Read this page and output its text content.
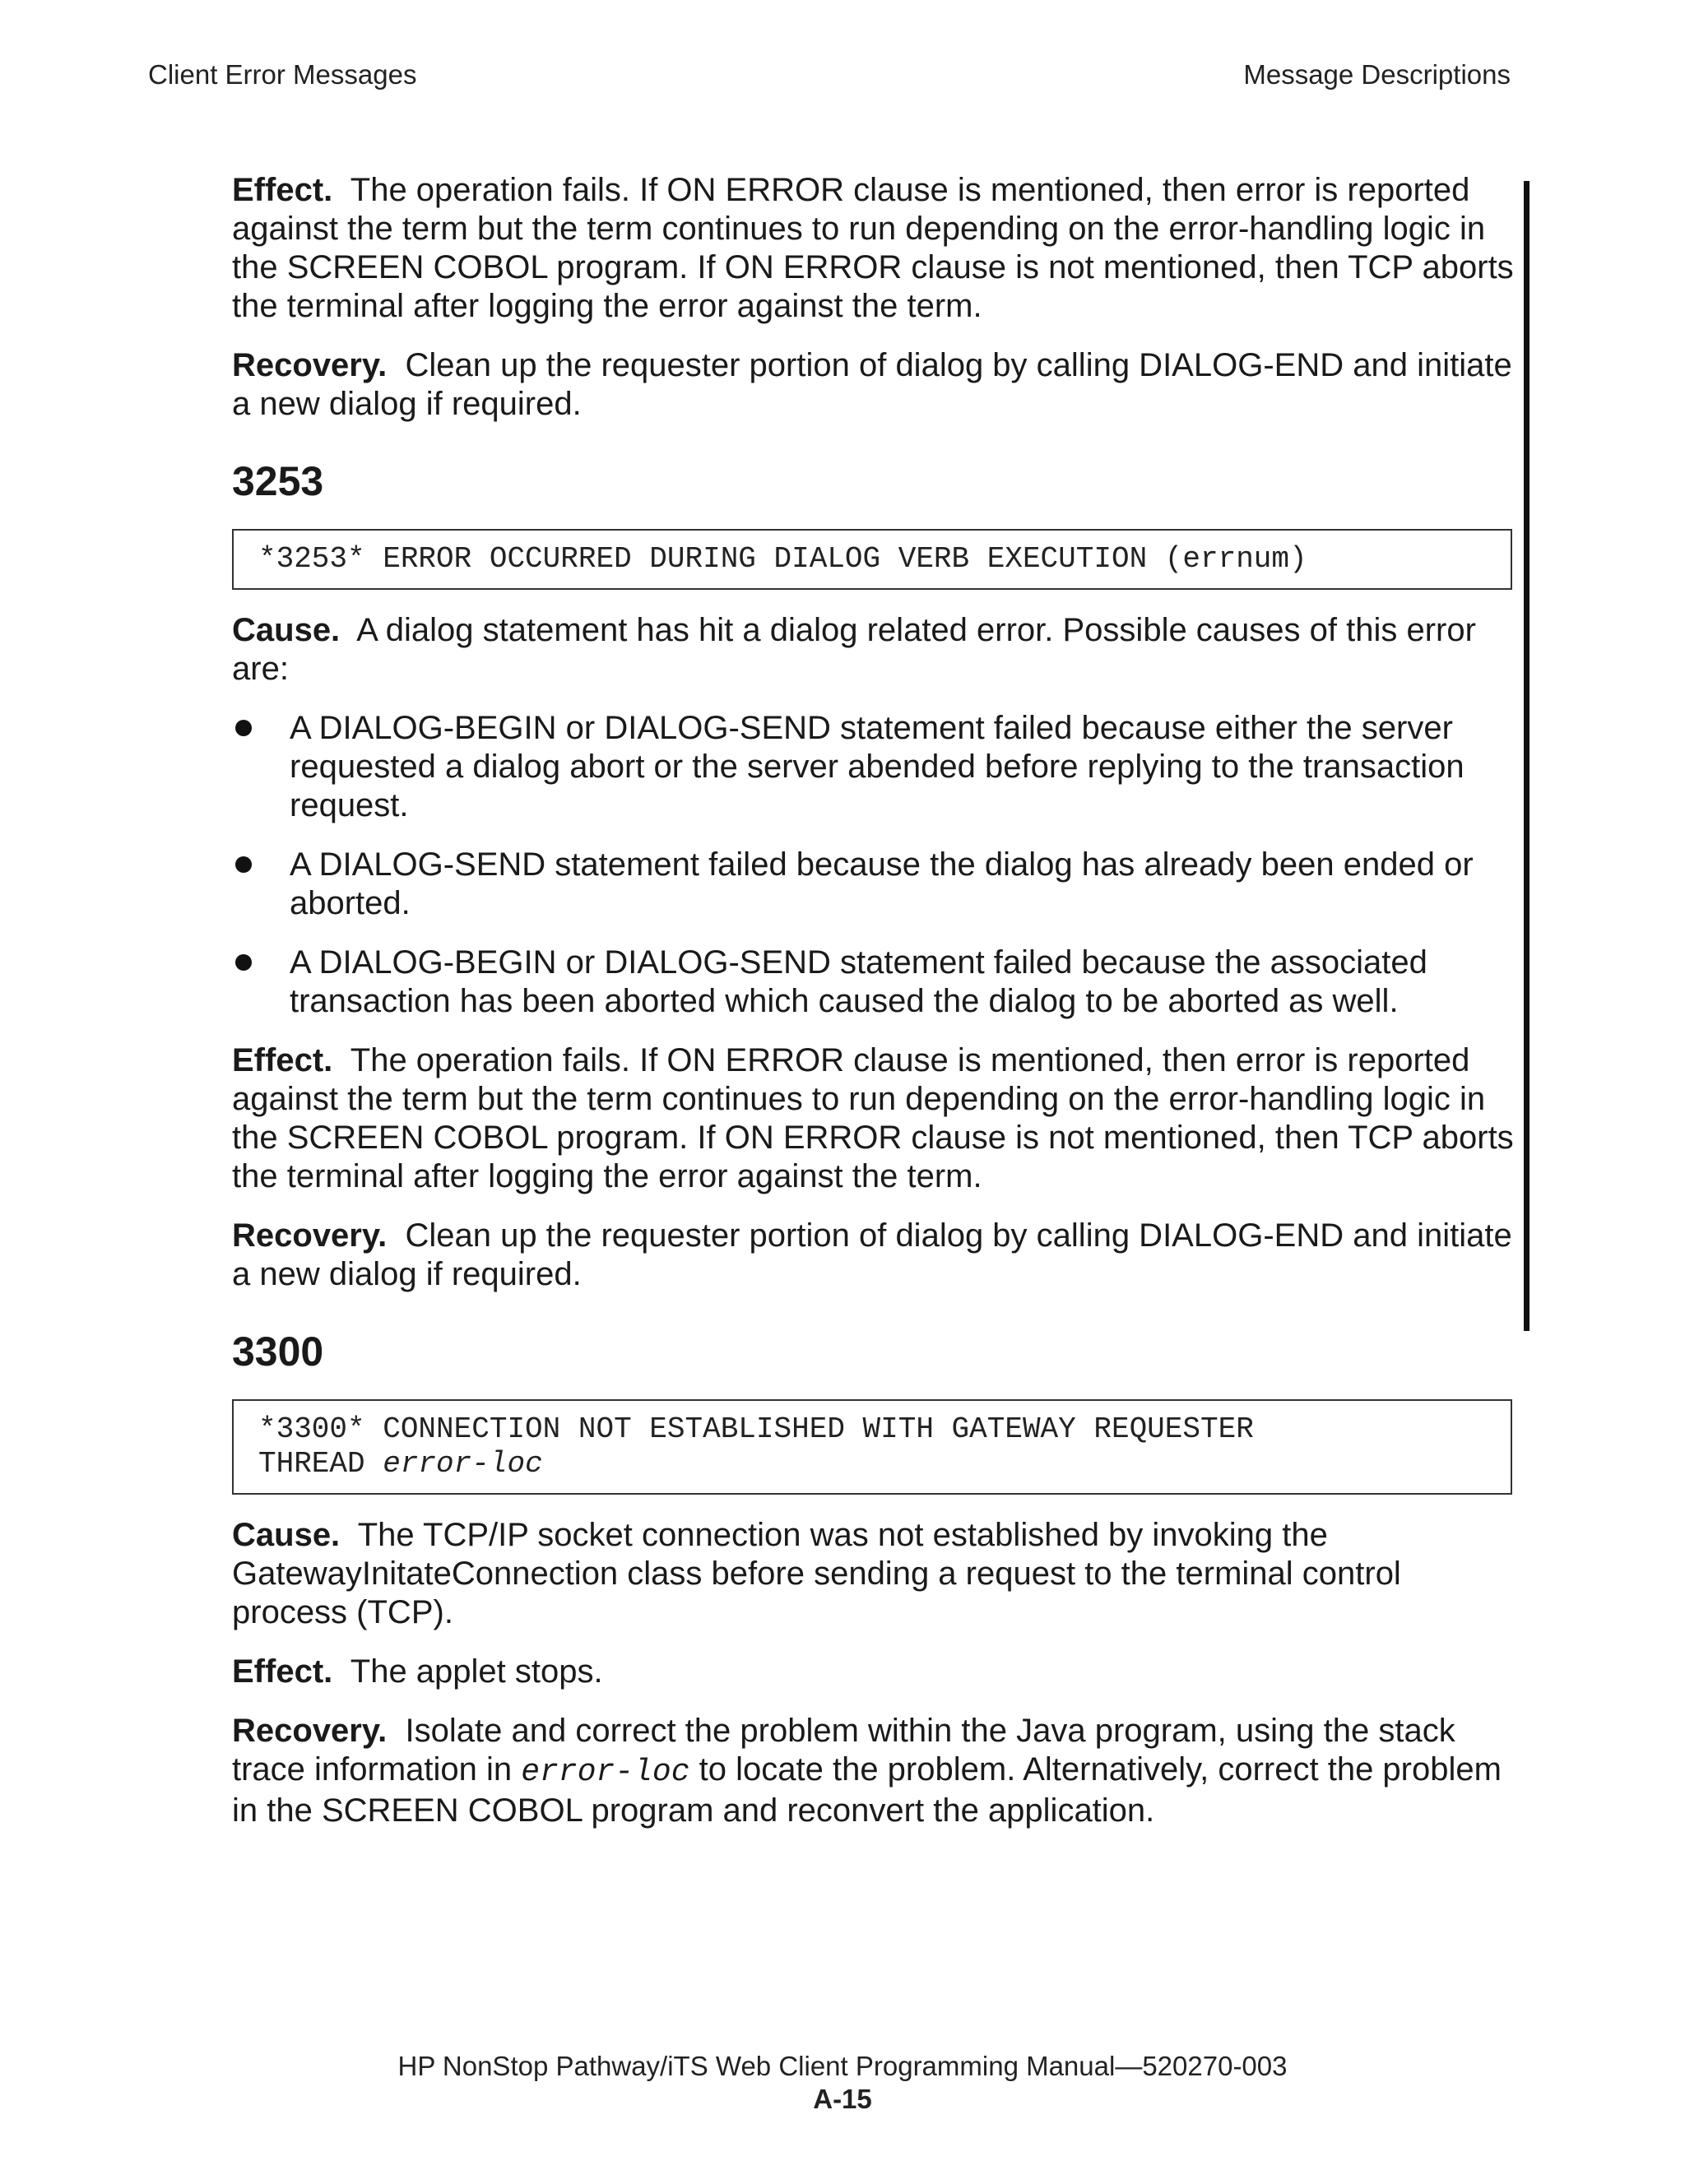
Client Error Messages	Message Descriptions

Effect. The operation fails. If ON ERROR clause is mentioned, then error is reported against the term but the term continues to run depending on the error-handling logic in the SCREEN COBOL program. If ON ERROR clause is not mentioned, then TCP aborts the terminal after logging the error against the term.

Recovery. Clean up the requester portion of dialog by calling DIALOG-END and initiate a new dialog if required.

3253
*3253* ERROR OCCURRED DURING DIALOG VERB EXECUTION (errnum)

Cause. A dialog statement has hit a dialog related error. Possible causes of this error are:

A DIALOG-BEGIN or DIALOG-SEND statement failed because either the server requested a dialog abort or the server abended before replying to the transaction request.
A DIALOG-SEND statement failed because the dialog has already been ended or aborted.
A DIALOG-BEGIN or DIALOG-SEND statement failed because the associated transaction has been aborted which caused the dialog to be aborted as well.

Effect. The operation fails. If ON ERROR clause is mentioned, then error is reported against the term but the term continues to run depending on the error-handling logic in the SCREEN COBOL program. If ON ERROR clause is not mentioned, then TCP aborts the terminal after logging the error against the term.

Recovery. Clean up the requester portion of dialog by calling DIALOG-END and initiate a new dialog if required.

3300
*3300* CONNECTION NOT ESTABLISHED WITH GATEWAY REQUESTER
THREAD error-loc

Cause. The TCP/IP socket connection was not established by invoking the GatewayInitateConnection class before sending a request to the terminal control process (TCP).

Effect. The applet stops.

Recovery. Isolate and correct the problem within the Java program, using the stack trace information in error-loc to locate the problem. Alternatively, correct the problem in the SCREEN COBOL program and reconvert the application.

HP NonStop Pathway/iTS Web Client Programming Manual—520270-003
A-15
